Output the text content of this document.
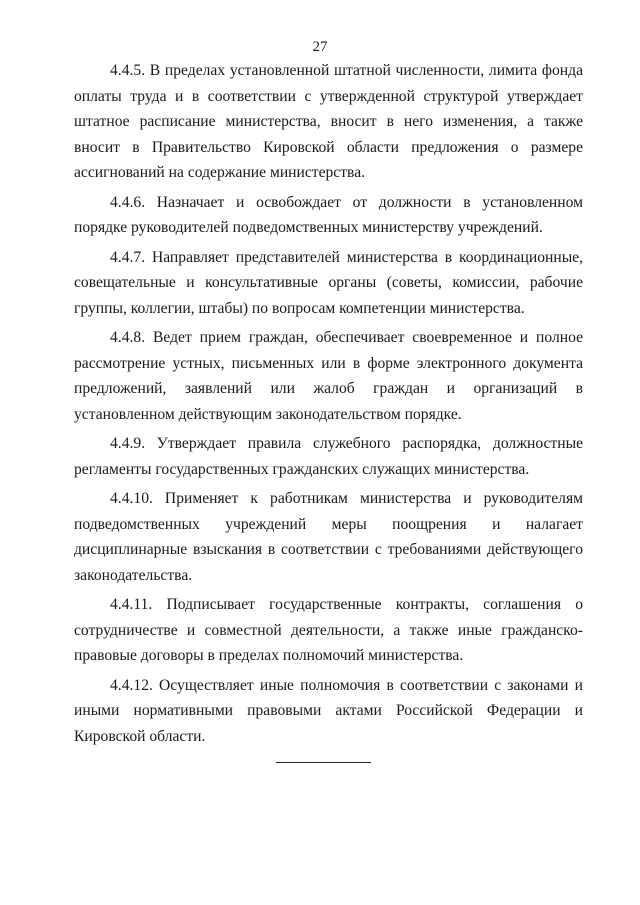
27

4.4.5. В пределах установленной штатной численности, лимита фонда оплаты труда и в соответствии с утвержденной структурой утверждает штатное расписание министерства, вносит в него изменения, а также вносит в Правительство Кировской области предложения о размере ассигнований на содержание министерства.

4.4.6. Назначает и освобождает от должности в установленном порядке руководителей подведомственных министерству учреждений.

4.4.7. Направляет представителей министерства в координационные, совещательные и консультативные органы (советы, комиссии, рабочие группы, коллегии, штабы) по вопросам компетенции министерства.

4.4.8. Ведет прием граждан, обеспечивает своевременное и полное рассмотрение устных, письменных или в форме электронного документа предложений, заявлений или жалоб граждан и организаций в установленном действующим законодательством порядке.

4.4.9. Утверждает правила служебного распорядка, должностные регламенты государственных гражданских служащих министерства.

4.4.10. Применяет к работникам министерства и руководителям подведомственных учреждений меры поощрения и налагает дисциплинарные взыскания в соответствии с требованиями действующего законодательства.

4.4.11. Подписывает государственные контракты, соглашения о сотрудничестве и совместной деятельности, а также иные гражданско-правовые договоры в пределах полномочий министерства.

4.4.12. Осуществляет иные полномочия в соответствии с законами и иными нормативными правовыми актами Российской Федерации и Кировской области.
